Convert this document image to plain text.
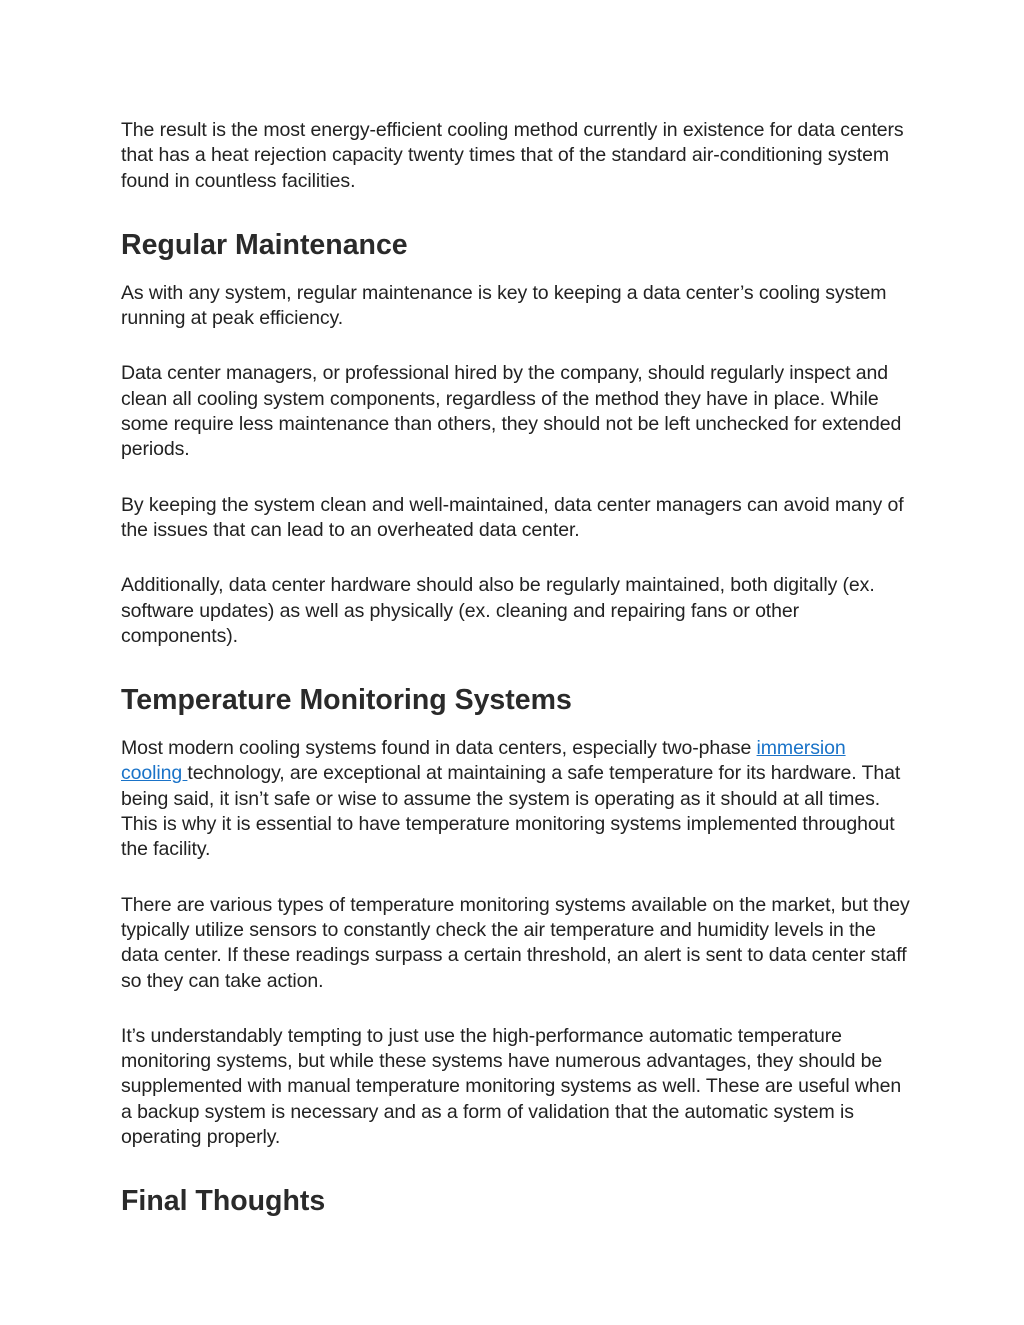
The result is the most energy-efficient cooling method currently in existence for data centers that has a heat rejection capacity twenty times that of the standard air-conditioning system found in countless facilities.

Regular Maintenance

As with any system, regular maintenance is key to keeping a data center’s cooling system running at peak efficiency.

Data center managers, or professional hired by the company, should regularly inspect and clean all cooling system components, regardless of the method they have in place. While some require less maintenance than others, they should not be left unchecked for extended periods.

By keeping the system clean and well-maintained, data center managers can avoid many of the issues that can lead to an overheated data center.

Additionally, data center hardware should also be regularly maintained, both digitally (ex. software updates) as well as physically (ex. cleaning and repairing fans or other components).

Temperature Monitoring Systems

Most modern cooling systems found in data centers, especially two-phase immersion cooling technology, are exceptional at maintaining a safe temperature for its hardware. That being said, it isn’t safe or wise to assume the system is operating as it should at all times. This is why it is essential to have temperature monitoring systems implemented throughout the facility.

There are various types of temperature monitoring systems available on the market, but they typically utilize sensors to constantly check the air temperature and humidity levels in the data center. If these readings surpass a certain threshold, an alert is sent to data center staff so they can take action.

It’s understandably tempting to just use the high-performance automatic temperature monitoring systems, but while these systems have numerous advantages, they should be supplemented with manual temperature monitoring systems as well. These are useful when a backup system is necessary and as a form of validation that the automatic system is operating properly.

Final Thoughts
